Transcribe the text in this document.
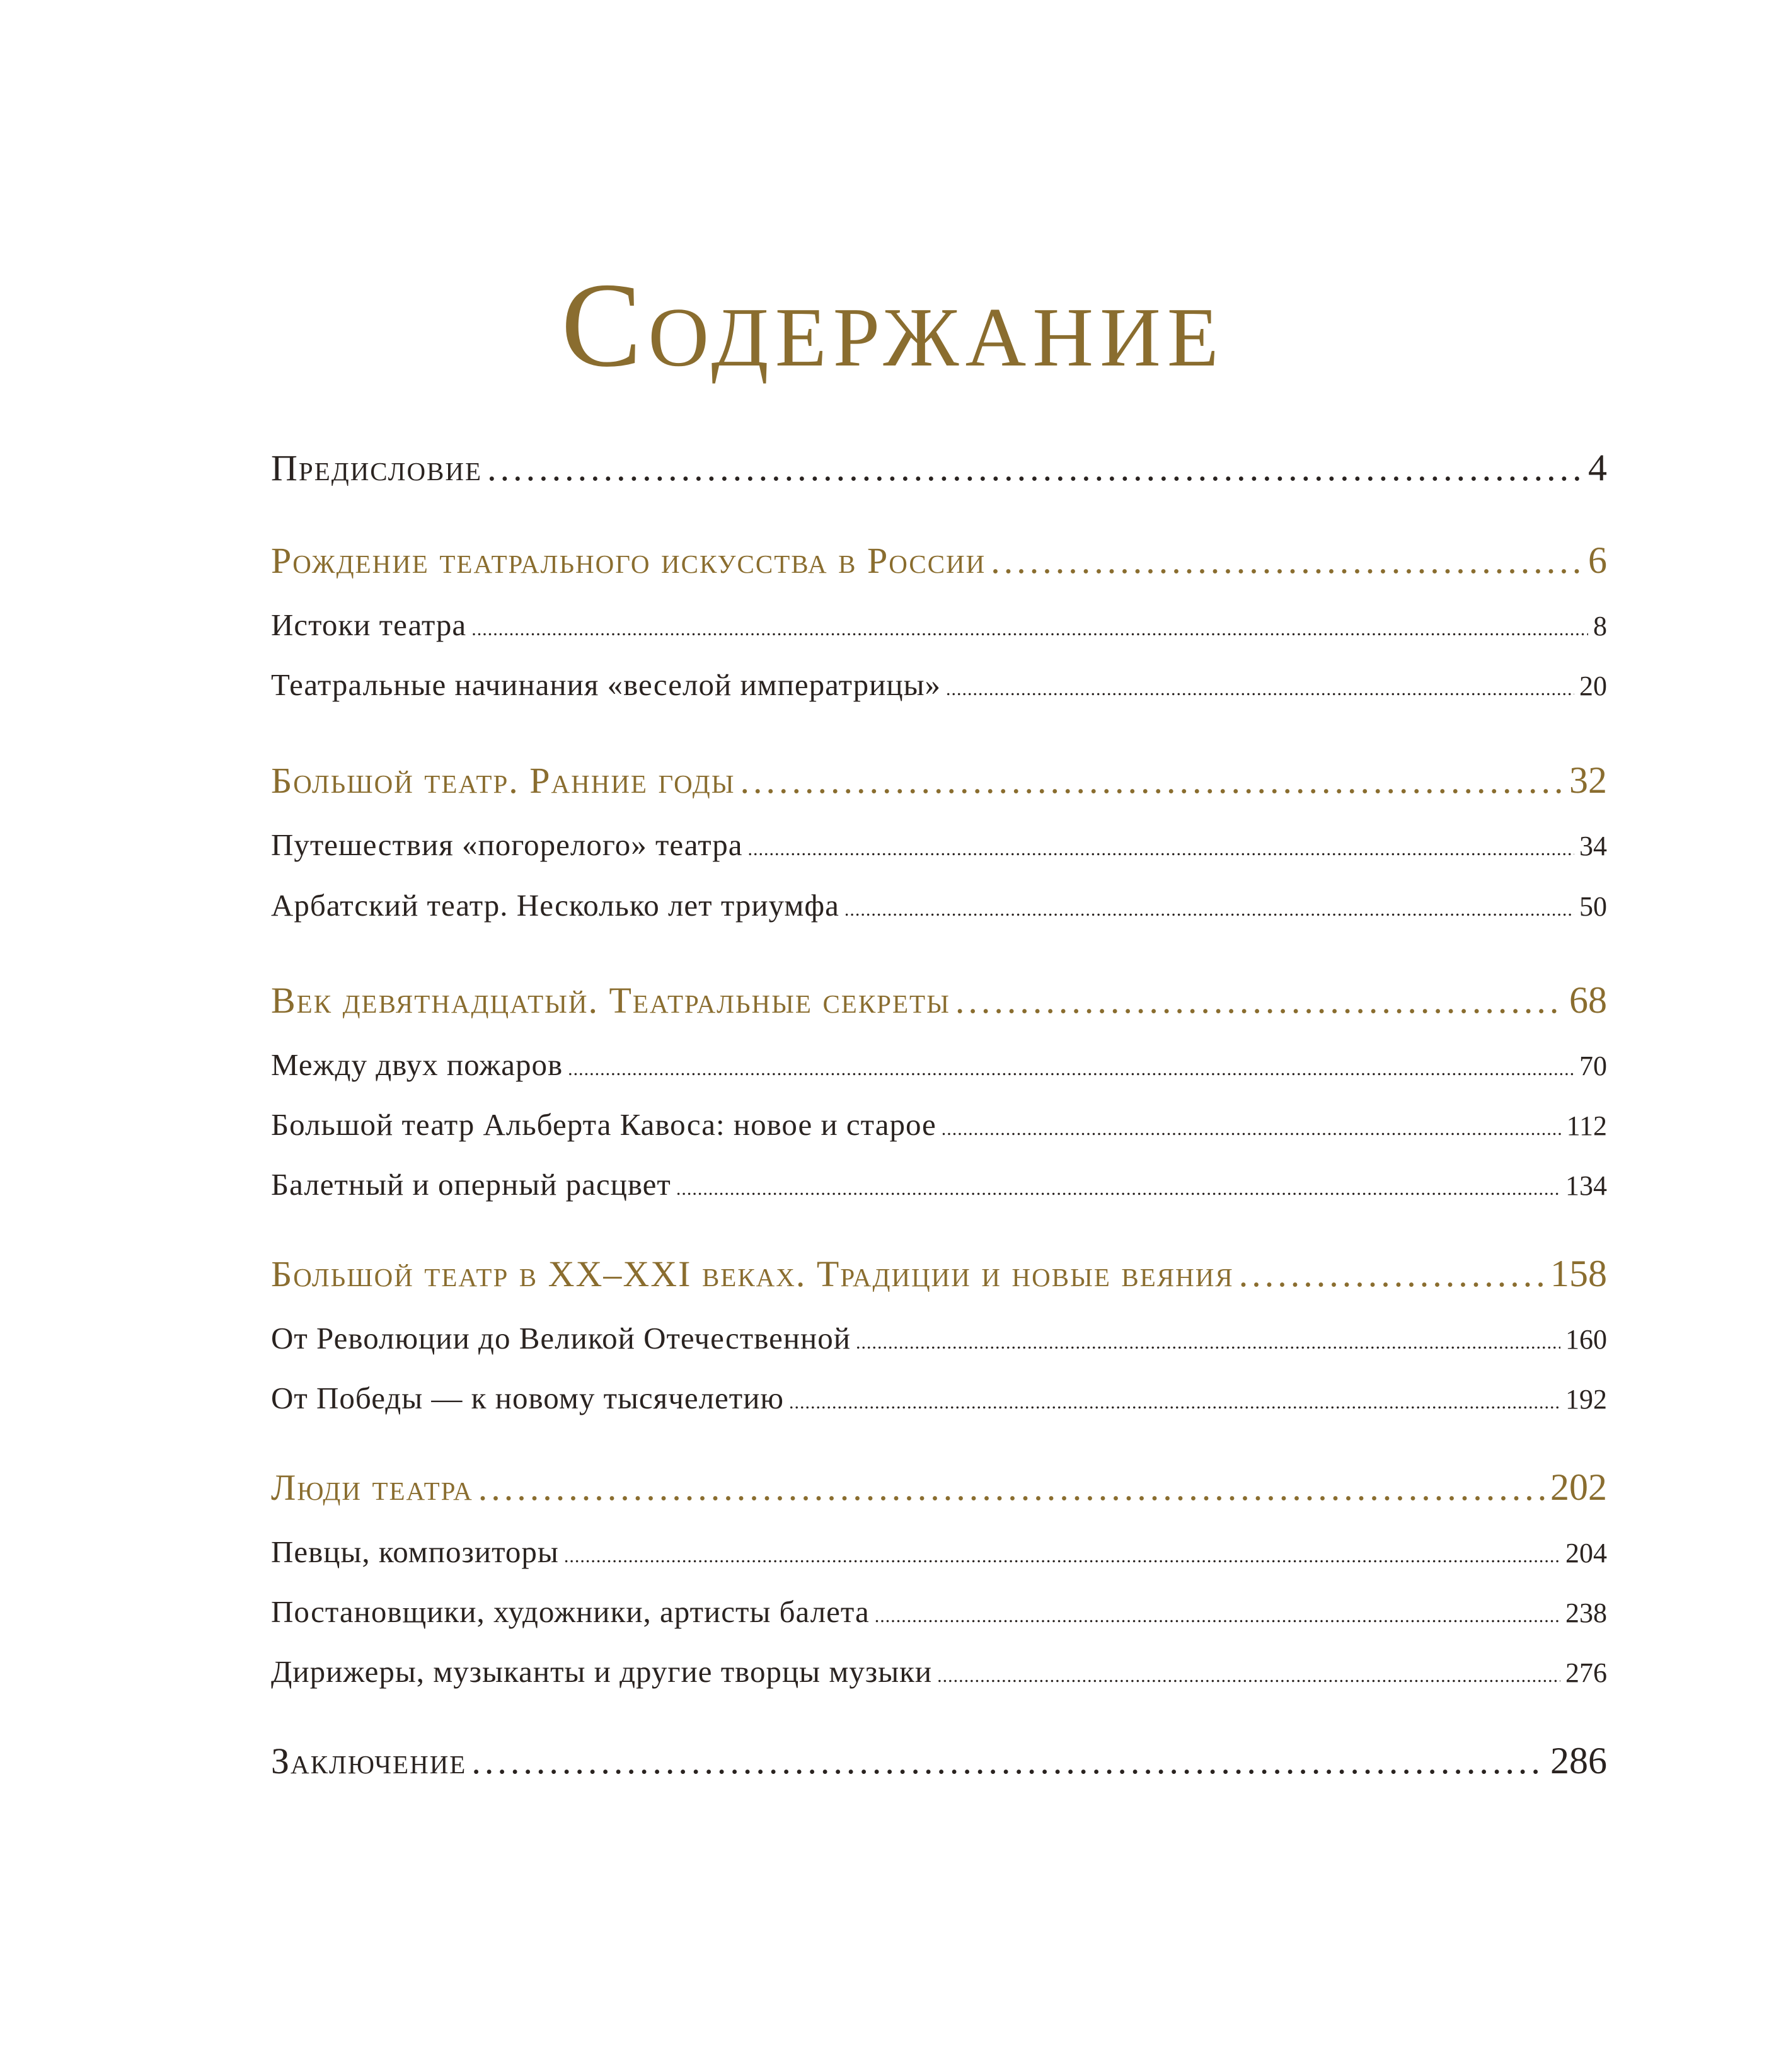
Содержание
Предисловие .....	4
Рождение театрального искусства в России .....	6
Истоки театра .....	8
Театральные начинания «веселой императрицы» .....	20
Большой театр. Ранние годы .....	32
Путешествия «погорелого» театра .....	34
Арбатский театр. Несколько лет триумфа .....	50
Век девятнадцатый. Театральные секреты .....	68
Между двух пожаров .....	70
Большой театр Альберта Кавоса: новое и старое .....	112
Балетный и оперный расцвет .....	134
Большой театр в XX–XXI веках. Традиции и новые веяния .....	158
От Революции до Великой Отечественной .....	160
От Победы — к новому тысячелетию .....	192
Люди театра .....	202
Певцы, композиторы .....	204
Постановщики, художники, артисты балета .....	238
Дирижеры, музыканты и другие творцы музыки .....	276
Заключение .....	286
